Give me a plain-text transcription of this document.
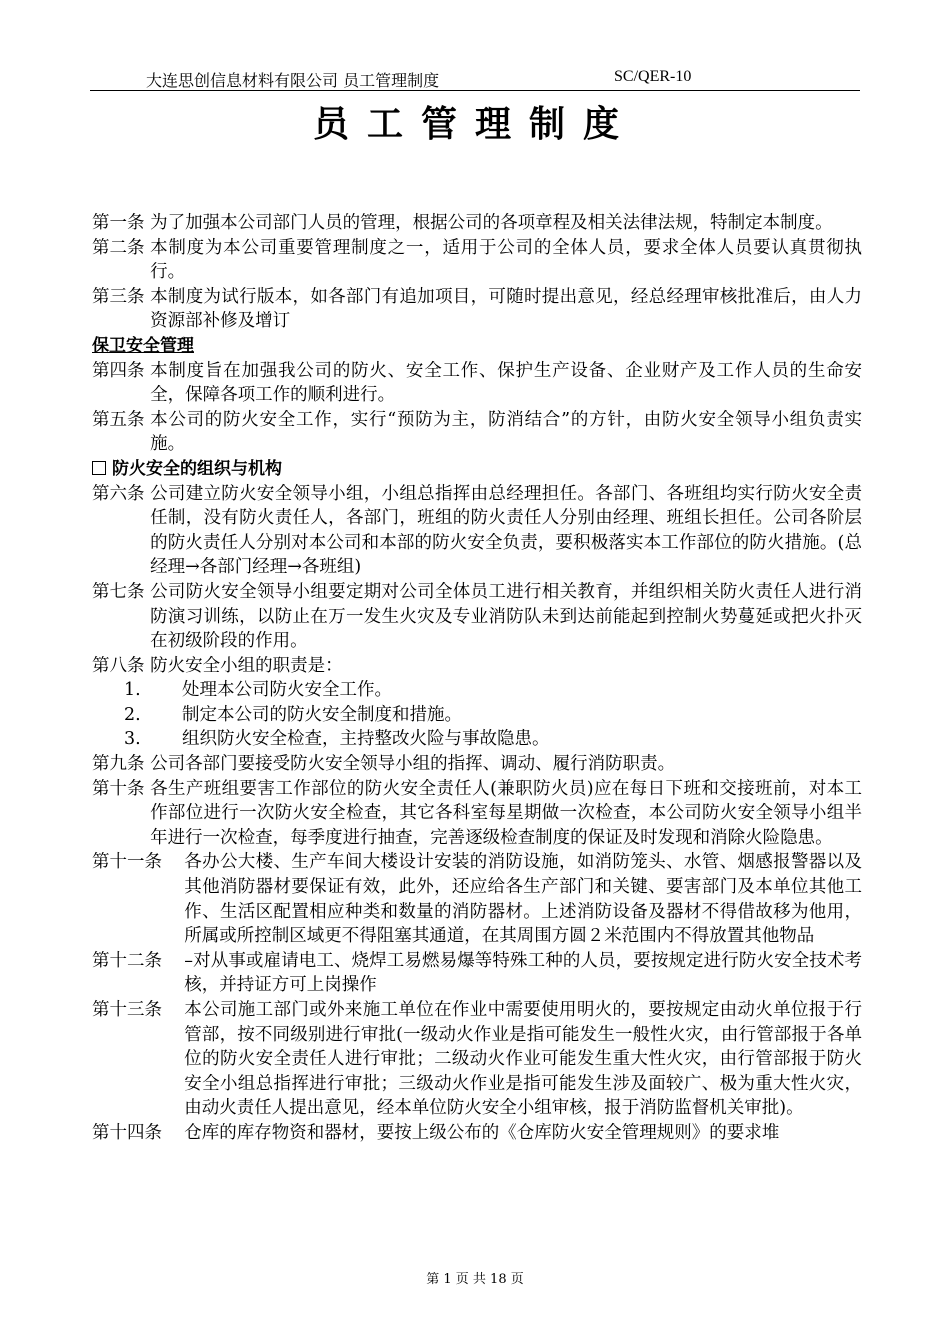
大连思创信息材料有限公司 员工管理制度	SC/QER-10
员工管理制度
第一条
为了加强本公司部门人员的管理，根据公司的各项章程及相关法律法规，特制定本制度。
第二条
本制度为本公司重要管理制度之一，适用于公司的全体人员，要求全体人员要认真贯彻执行。
第三条
本制度为试行版本，如各部门有追加项目，可随时提出意见，经总经理审核批准后，由人力资源部补修及增订
保卫安全管理
第四条
本制度旨在加强我公司的防火、安全工作、保护生产设备、企业财产及工作人员的生命安全，保障各项工作的顺利进行。
第五条
本公司的防火安全工作，实行“预防为主，防消结合”的方针，由防火安全领导小组负责实施。
防火安全的组织与机构
第六条
公司建立防火安全领导小组，小组总指挥由总经理担任。各部门、各班组均实行防火安全责任制，没有防火责任人，各部门，班组的防火责任人分别由经理、班组长担任。公司各阶层的防火责任人分别对本公司和本部的防火安全负责，要积极落实本工作部位的防火措施。(总经理→各部门经理→各班组)
第七条
公司防火安全领导小组要定期对公司全体员工进行相关教育，并组织相关防火责任人进行消防演习训练，以防止在万一发生火灾及专业消防队未到达前能起到控制火势蔓延或把火扑灭在初级阶段的作用。
第八条
防火安全小组的职责是：
1.	处理本公司防火安全工作。
2.	制定本公司的防火安全制度和措施。
3.	组织防火安全检查，主持整改火险与事故隐患。
第九条
公司各部门要接受防火安全领导小组的指挥、调动、履行消防职责。
第十条
各生产班组要害工作部位的防火安全责任人(兼职防火员)应在每日下班和交接班前，对本工作部位进行一次防火安全检查，其它各科室每星期做一次检查，本公司防火安全领导小组半年进行一次检查，每季度进行抽查，完善逐级检查制度的保证及时发现和消除火险隐患。
第十一条
各办公大楼、生产车间大楼设计安装的消防设施，如消防笼头、水管、烟感报警器以及其他消防器材要保证有效，此外，还应给各生产部门和关键、要害部门及本单位其他工作、生活区配置相应种类和数量的消防器材。上述消防设备及器材不得借故移为他用，所属或所控制区域更不得阻塞其通道，在其周围方圆２米范围内不得放置其他物品
第十二条
–对从事或雇请电工、烧焊工易燃易爆等特殊工种的人员，要按规定进行防火安全技术考核，并持证方可上岗操作
第十三条
本公司施工部门或外来施工单位在作业中需要使用明火的，要按规定由动火单位报于行管部，按不同级别进行审批(一级动火作业是指可能发生一般性火灾，由行管部报于各单位的防火安全责任人进行审批；二级动火作业可能发生重大性火灾，由行管部报于防火安全小组总指挥进行审批；三级动火作业是指可能发生涉及面较广、极为重大性火灾，由动火责任人提出意见，经本单位防火安全小组审核，报于消防监督机关审批)。
第十四条
仓库的库存物资和器材，要按上级公布的《仓库防火安全管理规则》的要求堆
第 1 页 共 18 页
